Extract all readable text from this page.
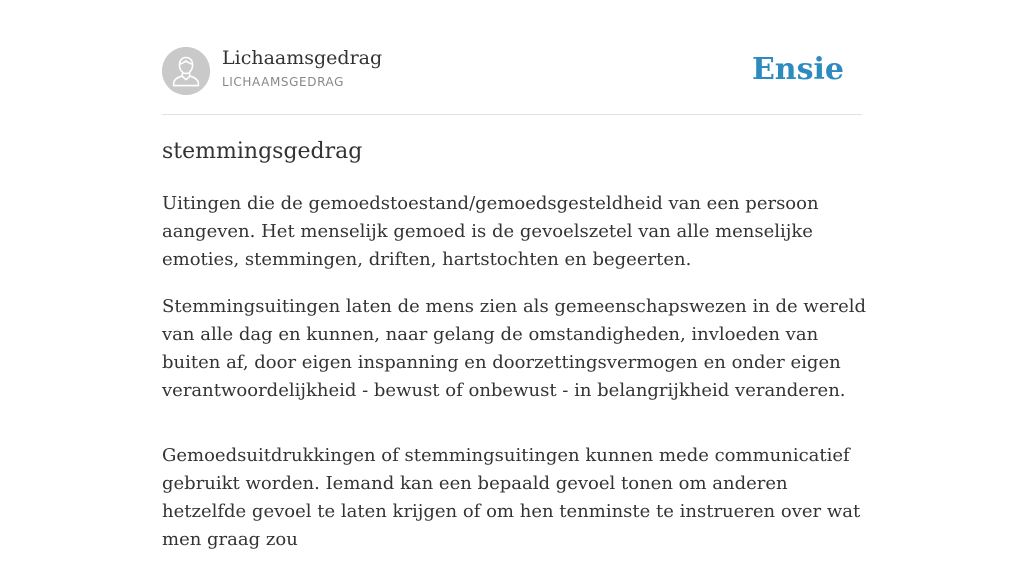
Lichaamsgedrag
LICHAAMSGEDRAG	Ensie
stemmingsgedrag

Uitingen die de gemoedstoestand/gemoedsgesteldheid van een persoon aangeven. Het menselijk gemoed is de gevoelszetel van alle menselijke emoties, stemmingen, driften, hartstochten en begeerten.

Stemmingsuitingen laten de mens zien als gemeenschapswezen in de wereld van alle dag en kunnen, naar gelang de omstandigheden, invloeden van buiten af, door eigen inspanning en doorzettingsvermogen en onder eigen verantwoordelijkheid - bewust of onbewust - in belangrijkheid veranderen.

Gemoedsuitdrukkingen of stemmingsuitingen kunnen mede communicatief gebruikt worden. Iemand kan een bepaald gevoel tonen om anderen hetzelfde gevoel te laten krijgen of om hen tenminste te instrueren over wat men graag zou
